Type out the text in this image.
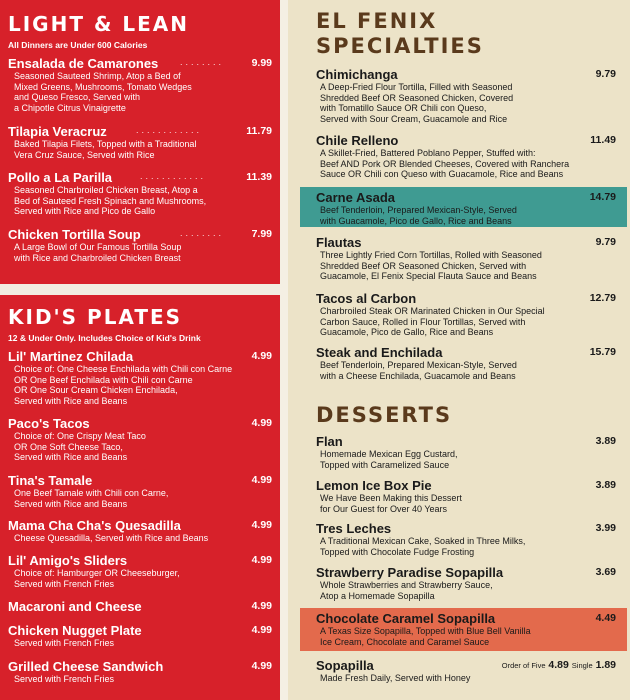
LIGHT & LEAN
All Dinners are Under 600 Calories
Ensalada de Camarones	........	9.99
Seasoned Sauteed Shrimp, Atop a Bed of
Mixed Greens, Mushrooms, Tomato Wedges
and Queso Fresco, Served with
a Chipotle Citrus Vinaigrette
Tilapia Veracruz	............	11.79
Baked Tilapia Filets, Topped with a Traditional
Vera Cruz Sauce, Served with Rice
Pollo a La Parilla	............	11.39
Seasoned Charbroiled Chicken Breast, Atop a
Bed of Sauteed Fresh Spinach and Mushrooms,
Served with Rice and Pico de Gallo
Chicken Tortilla Soup	........	7.99
A Large Bowl of Our Famous Tortilla Soup
with Rice and Charbroiled Chicken Breast
KID'S PLATES
12 & Under Only. Includes Choice of Kid's Drink
Lil' Martinez Chilada	4.99
Choice of: One Cheese Enchilada with Chili con Carne
OR One Beef Enchilada with Chili con Carne
OR One Sour Cream Chicken Enchilada,
Served with Rice and Beans
Paco's Tacos	4.99
Choice of: One Crispy Meat Taco
OR One Soft Cheese Taco,
Served with Rice and Beans
Tina's Tamale	4.99
One Beef Tamale with Chili con Carne,
Served with Rice and Beans
Mama Cha Cha's Quesadilla	4.99
Cheese Quesadilla, Served with Rice and Beans
Lil' Amigo's Sliders	4.99
Choice of: Hamburger OR Cheeseburger,
Served with French Fries
Macaroni and Cheese	4.99
Chicken Nugget Plate	4.99
Served with French Fries
Grilled Cheese Sandwich	4.99
Served with French Fries
EL FENIX
SPECIALTIES
Chimichanga	9.79
A Deep-Fried Flour Tortilla, Filled with Seasoned
Shredded Beef OR Seasoned Chicken, Covered
with Tomatillo Sauce OR Chili con Queso,
Served with Sour Cream, Guacamole and Rice
Chile Relleno	11.49
A Skillet-Fried, Battered Poblano Pepper, Stuffed with:
Beef AND Pork OR Blended Cheeses, Covered with Ranchera
Sauce OR Chili con Queso with Guacamole, Rice and Beans
Carne Asada	14.79
Beef Tenderloin, Prepared Mexican-Style, Served
with Guacamole, Pico de Gallo, Rice and Beans
Flautas	9.79
Three Lightly Fried Corn Tortillas, Rolled with Seasoned
Shredded Beef OR Seasoned Chicken, Served with
Guacamole, El Fenix Special Flauta Sauce and Beans
Tacos al Carbon	12.79
Charbroiled Steak OR Marinated Chicken in Our Special
Carbon Sauce, Rolled in Flour Tortillas, Served with
Guacamole, Pico de Gallo, Rice and Beans
Steak and Enchilada	15.79
Beef Tenderloin, Prepared Mexican-Style, Served
with a Cheese Enchilada, Guacamole and Beans
DESSERTS
Flan	3.89
Homemade Mexican Egg Custard,
Topped with Caramelized Sauce
Lemon Ice Box Pie	3.89
We Have Been Making this Dessert
for Our Guest for Over 40 Years
Tres Leches	3.99
A Traditional Mexican Cake, Soaked in Three Milks,
Topped with Chocolate Fudge Frosting
Strawberry Paradise Sopapilla	3.69
Whole Strawberries and Strawberry Sauce,
Atop a Homemade Sopapilla
Chocolate Caramel Sopapilla	4.49
A Texas Size Sopapilla, Topped with Blue Bell Vanilla
Ice Cream, Chocolate and Caramel Sauce
Sopapilla	Order of Five 4.89 Single 1.89
Made Fresh Daily, Served with Honey
